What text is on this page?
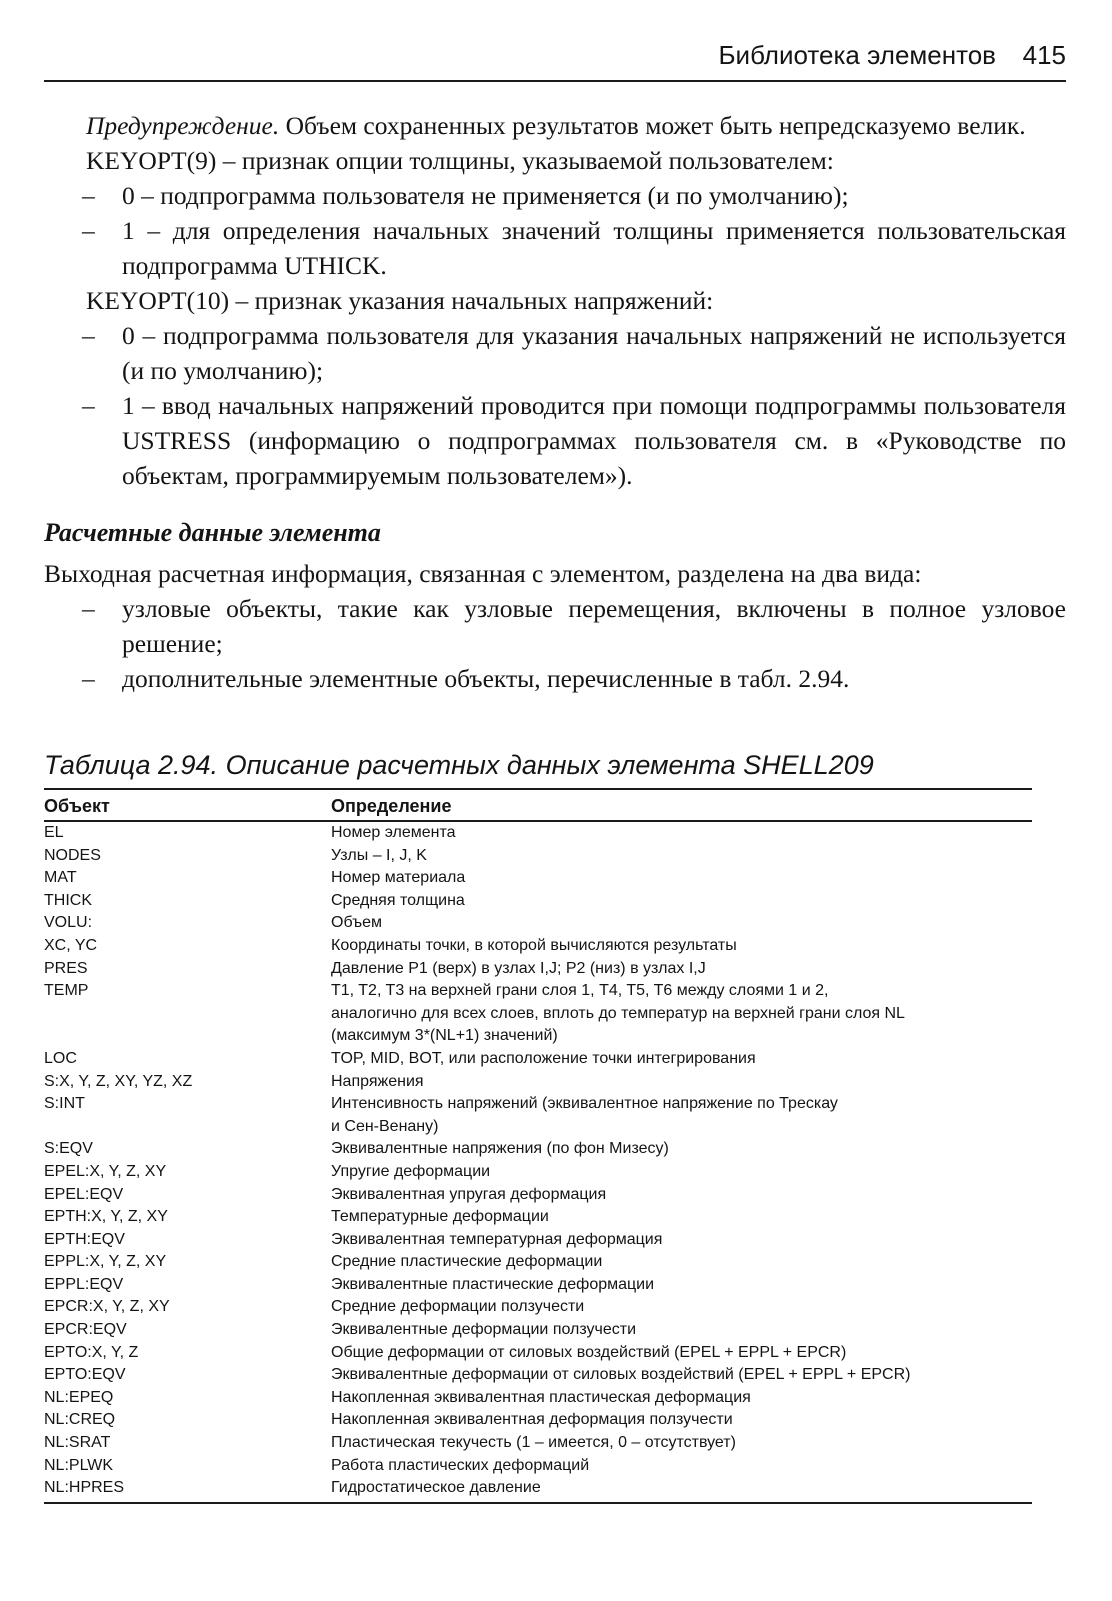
Библиотека элементов 415

Предупреждение. Объем сохраненных результатов может быть непредсказуемо велик.

KEYOPT(9) – признак опции толщины, указываемой пользователем:

– 0 – подпрограмма пользователя не применяется (и по умолчанию);
– 1 – для определения начальных значений толщины применяется пользовательская подпрограмма UTHICK.

KEYOPT(10) – признак указания начальных напряжений:

– 0 – подпрограмма пользователя для указания начальных напряжений не используется (и по умолчанию);
– 1 – ввод начальных напряжений проводится при помощи подпрограммы пользователя USTRESS (информацию о подпрограммах пользователя см. в «Руководстве по объектам, программируемым пользователем»).
Расчетные данные элемента

Выходная расчетная информация, связанная с элементом, разделена на два вида:

– узловые объекты, такие как узловые перемещения, включены в полное узловое решение;
– дополнительные элементные объекты, перечисленные в табл. 2.94.
Таблица 2.94. Описание расчетных данных элемента SHELL209
Объект	Определение
EL	Номер элемента

NODES	Узлы – I, J, K

MAT	Номер материала

THICK	Средняя толщина

VOLU:	Объем

XC, YC	Координаты точки, в которой вычисляются результаты

PRES	Давление P1 (верх) в узлах I,J; P2 (низ) в узлах I,J

TEMP	T1, T2, T3 на верхней грани слоя 1, T4, T5, T6 между слоями 1 и 2,
аналогично для всех слоев, вплоть до температур на верхней грани слоя NL
(максимум 3*(NL+1) значений)

LOC	TOP, MID, BOT, или расположение точки интегрирования

S:X, Y, Z, XY, YZ, XZ	Напряжения

S:INT	Интенсивность напряжений (эквивалентное напряжение по Трескау
и Сен-Венану)

S:EQV	Эквивалентные напряжения (по фон Мизесу)

EPEL:X, Y, Z, XY	Упругие деформации

EPEL:EQV	Эквивалентная упругая деформация

EPTH:X, Y, Z, XY	Температурные деформации

EPTH:EQV	Эквивалентная температурная деформация

EPPL:X, Y, Z, XY	Средние пластические деформации

EPPL:EQV	Эквивалентные пластические деформации

EPCR:X, Y, Z, XY	Средние деформации ползучести

EPCR:EQV	Эквивалентные деформации ползучести

EPTO:X, Y, Z	Общие деформации от силовых воздействий (EPEL + EPPL + EPCR)

EPTO:EQV	Эквивалентные деформации от силовых воздействий (EPEL + EPPL + EPCR)

NL:EPEQ	Накопленная эквивалентная пластическая деформация

NL:CREQ	Накопленная эквивалентная деформация ползучести

NL:SRAT	Пластическая текучесть (1 – имеется, 0 – отсутствует)

NL:PLWK	Работа пластических деформаций

NL:HPRES	Гидростатическое давление
